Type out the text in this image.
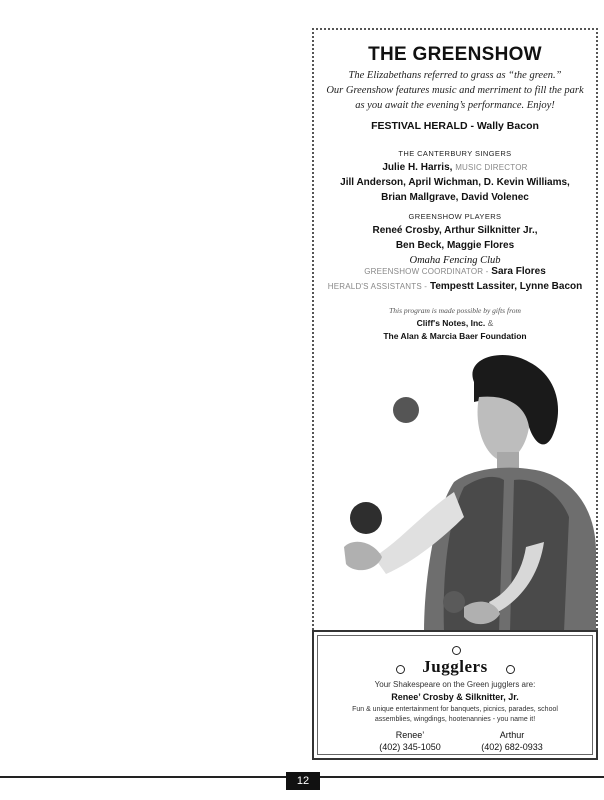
THE GREENSHOW
The Elizabethans referred to grass as “the green.”
Our Greenshow features music and merriment to fill the park
as you await the evening’s performance. Enjoy!
FESTIVAL HERALD - Wally Bacon
THE CANTERBURY SINGERS
Julie H. Harris, MUSIC DIRECTOR
Jill Anderson, April Wichman, D. Kevin Williams,
Brian Mallgrave, David Volenec
GREENSHOW PLAYERS
Reneé Crosby, Arthur Silknitter Jr.,
Ben Beck, Maggie Flores
Omaha Fencing Club
GREENSHOW COORDINATOR - Sara Flores
HERALD'S ASSISTANTS - Tempestt Lassiter, Lynne Bacon
This program is made possible by gifts from
Cliff's Notes, Inc. &
The Alan & Marcia Baer Foundation
Jugglers
Your Shakespeare on the Green jugglers are:
Renee’ Crosby & Silknitter, Jr.
Fun & unique entertainment for banquets, picnics, parades, school
assemblies, wingdings, hootenannies - you name it!
Renee’
(402) 345-1050
Arthur
(402) 682-0933
12
